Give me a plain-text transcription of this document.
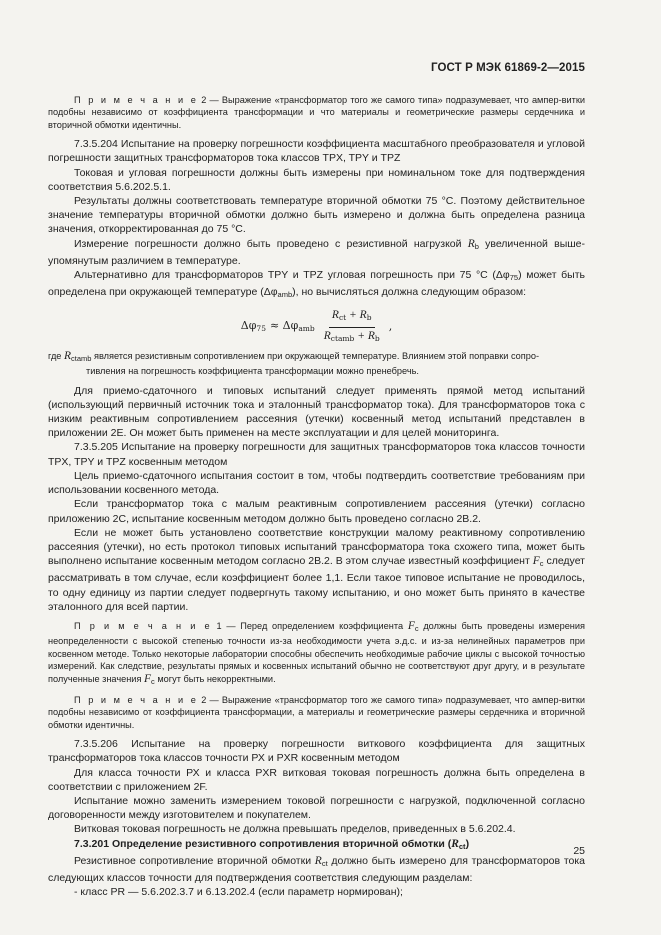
ГОСТ Р МЭК 61869-2—2015

П р и м е ч а н и е 2 — Выражение «трансформатор того же самого типа» подразумевает, что ампер-витки подобны независимо от коэффициента трансформации и что материалы и геометрические размеры сердечника и вторичной обмотки идентичны.

7.3.5.204 Испытание на проверку погрешности коэффициента масштабного преобразователя и угловой погрешности защитных трансформаторов тока классов TPX, TPY и TPZ

Токовая и угловая погрешности должны быть измерены при номинальном токе для подтверждения соответствия 5.6.202.5.1.

Результаты должны соответствовать температуре вторичной обмотки 75 °С. Поэтому действительное значение температуры вторичной обмотки должно быть измерено и должна быть определена разница значения, откорректированная до 75 °С.

Измерение погрешности должно быть проведено с резистивной нагрузкой $R_b$ увеличенной выше-упомянутым различием в температуре.

Альтернативно для трансформаторов TPY и TPZ угловая погрешность при 75 °С $(\Delta\varphi_{75})$ может быть определена при окружающей температуре $(\Delta\varphi_{amb})$, но вычисляться должна следующим образом:

$\Delta\varphi_{75} \approx \Delta\varphi_{amb} \frac{R_{ct} + R_b}{R_{ctamb} + R_b}$ ,

где $R_{ctamb}$ является резистивным сопротивлением при окружающей температуре. Влиянием этой поправки сопро-

тивления на погрешность коэффициента трансформации можно пренебречь.

Для приемо-сдаточного и типовых испытаний следует применять прямой метод испытаний (использующий первичный источник тока и эталонный трансформатор тока). Для трансформаторов тока с низким реактивным сопротивлением рассеяния (утечки) косвенный метод испытаний представлен в приложении 2Е. Он может быть применен на месте эксплуатации и для целей мониторинга.

7.3.5.205 Испытание на проверку погрешности для защитных трансформаторов тока классов точности TPX, TPY и TPZ косвенным методом

Цель приемо-сдаточного испытания состоит в том, чтобы подтвердить соответствие требованиям при использовании косвенного метода.

Если трансформатор тока с малым реактивным сопротивлением рассеяния (утечки) согласно приложению 2С, испытание косвенным методом должно быть проведено согласно 2В.2.

Если не может быть установлено соответствие конструкции малому реактивному сопротивлению рассеяния (утечки), но есть протокол типовых испытаний трансформатора тока схожего типа, может быть выполнено испытание косвенным методом согласно 2В.2. В этом случае известный коэффициент $F_c$ следует рассматривать в том случае, если коэффициент более 1,1. Если такое типовое испытание не проводилось, то одну единицу из партии следует подвергнуть такому испытанию, и оно может быть принято в качестве эталонного для всей партии.

П р и м е ч а н и е 1 — Перед определением коэффициента $F_c$ должны быть проведены измерения неопределенности с высокой степенью точности из-за необходимости учета э.д.с. и из-за нелинейных параметров при косвенном методе. Только некоторые лаборатории способны обеспечить необходимые рабочие циклы с высокой точностью измерений. Как следствие, результаты прямых и косвенных испытаний обычно не соответствуют друг другу, и в результате полученные значения $F_c$ могут быть некорректными.

П р и м е ч а н и е 2 — Выражение «трансформатор того же самого типа» подразумевает, что ампер-витки подобны независимо от коэффициента трансформации, а материалы и геометрические размеры сердечника и вторичной обмотки идентичны.

7.3.5.206 Испытание на проверку погрешности виткового коэффициента для защитных трансформаторов тока классов точности РХ и PXR косвенным методом

Для класса точности РХ и класса PXR витковая токовая погрешность должна быть определена в соответствии с приложением 2F.

Испытание можно заменить измерением токовой погрешности с нагрузкой, подключенной согласно договоренности между изготовителем и покупателем.

Витковая токовая погрешность не должна превышать пределов, приведенных в 5.6.202.4.

7.3.201 Определение резистивного сопротивления вторичной обмотки $(R_{ct})$

Резистивное сопротивление вторичной обмотки $R_{ct}$ должно быть измерено для трансформаторов тока следующих классов точности для подтверждения соответствия следующим разделам:

- класс PR — 5.6.202.3.7 и 6.13.202.4 (если параметр нормирован);

25
